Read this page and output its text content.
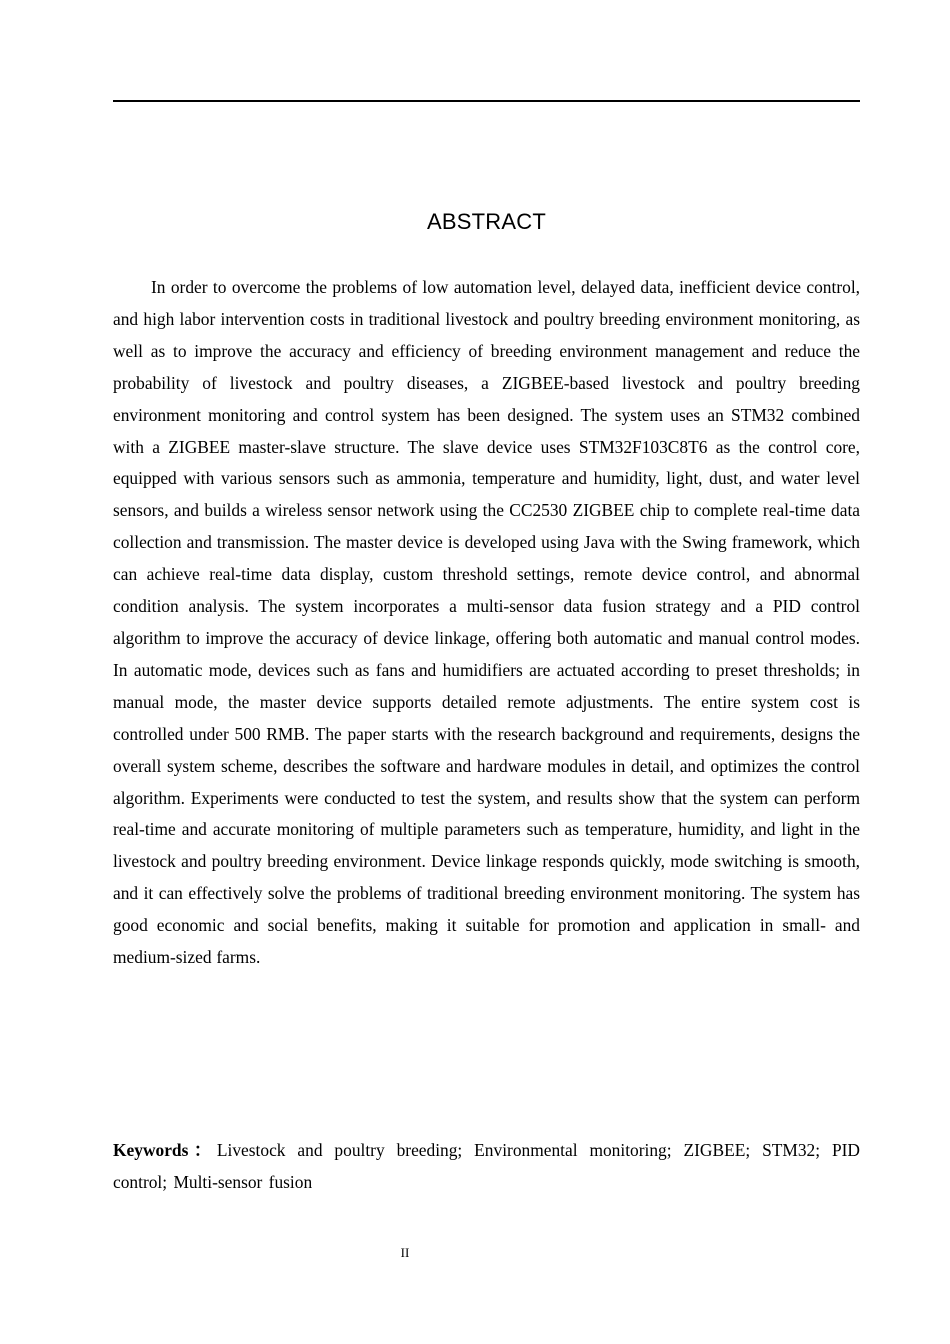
ABSTRACT

In order to overcome the problems of low automation level, delayed data, inefficient device control, and high labor intervention costs in traditional livestock and poultry breeding environment monitoring, as well as to improve the accuracy and efficiency of breeding environment management and reduce the probability of livestock and poultry diseases, a ZIGBEE-based livestock and poultry breeding environment monitoring and control system has been designed. The system uses an STM32 combined with a ZIGBEE master-slave structure. The slave device uses STM32F103C8T6 as the control core, equipped with various sensors such as ammonia, temperature and humidity, light, dust, and water level sensors, and builds a wireless sensor network using the CC2530 ZIGBEE chip to complete real-time data collection and transmission. The master device is developed using Java with the Swing framework, which can achieve real-time data display, custom threshold settings, remote device control, and abnormal condition analysis. The system incorporates a multi-sensor data fusion strategy and a PID control algorithm to improve the accuracy of device linkage, offering both automatic and manual control modes. In automatic mode, devices such as fans and humidifiers are actuated according to preset thresholds; in manual mode, the master device supports detailed remote adjustments. The entire system cost is controlled under 500 RMB. The paper starts with the research background and requirements, designs the overall system scheme, describes the software and hardware modules in detail, and optimizes the control algorithm. Experiments were conducted to test the system, and results show that the system can perform real-time and accurate monitoring of multiple parameters such as temperature, humidity, and light in the livestock and poultry breeding environment. Device linkage responds quickly, mode switching is smooth, and it can effectively solve the problems of traditional breeding environment monitoring. The system has good economic and social benefits, making it suitable for promotion and application in small- and medium-sized farms.

Keywords：Livestock and poultry breeding; Environmental monitoring; ZIGBEE; STM32; PID control; Multi-sensor fusion

II
